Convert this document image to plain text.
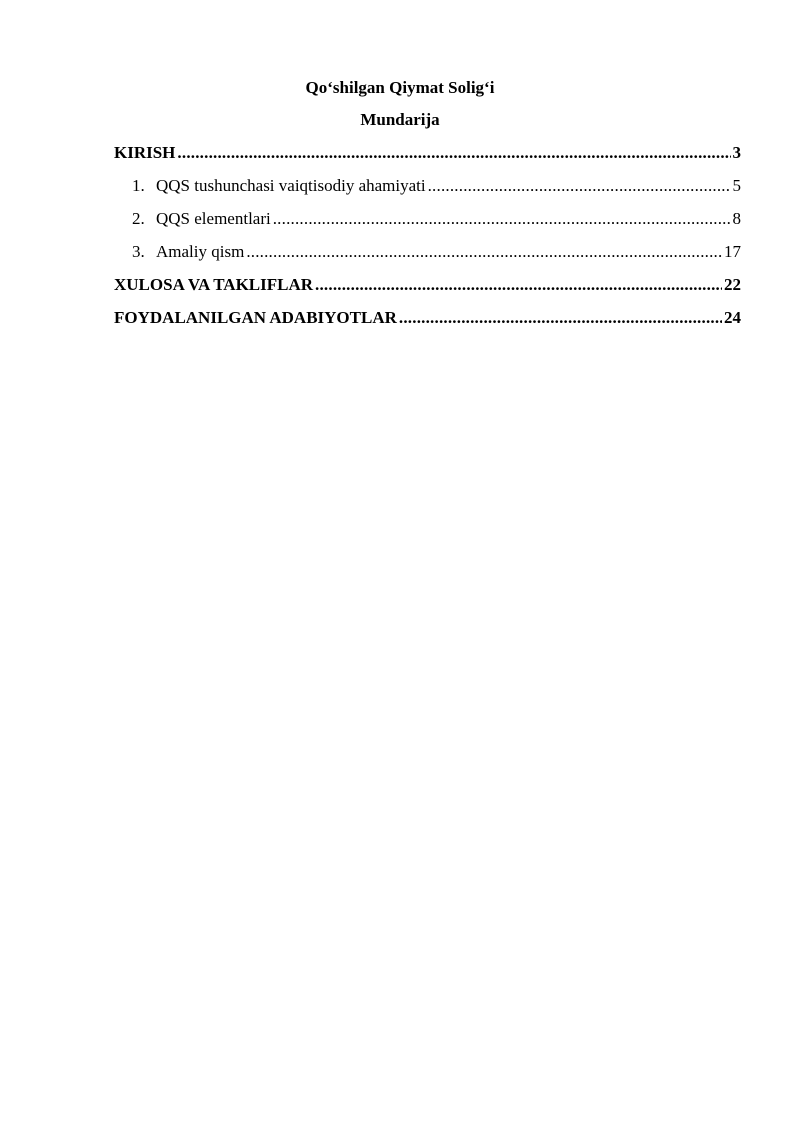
Qo‘shilgan Qiymat Solig‘i

Mundarija

KIRISH .....	3
1. QQS tushunchasi vaiqtisodiy ahamiyati .....	5
2. QQS elementlari .....	8
3. Amaliy qism .....	17
XULOSA VA TAKLIFLAR .....	22
FOYDALANILGAN ADABIYOTLAR .....	24
